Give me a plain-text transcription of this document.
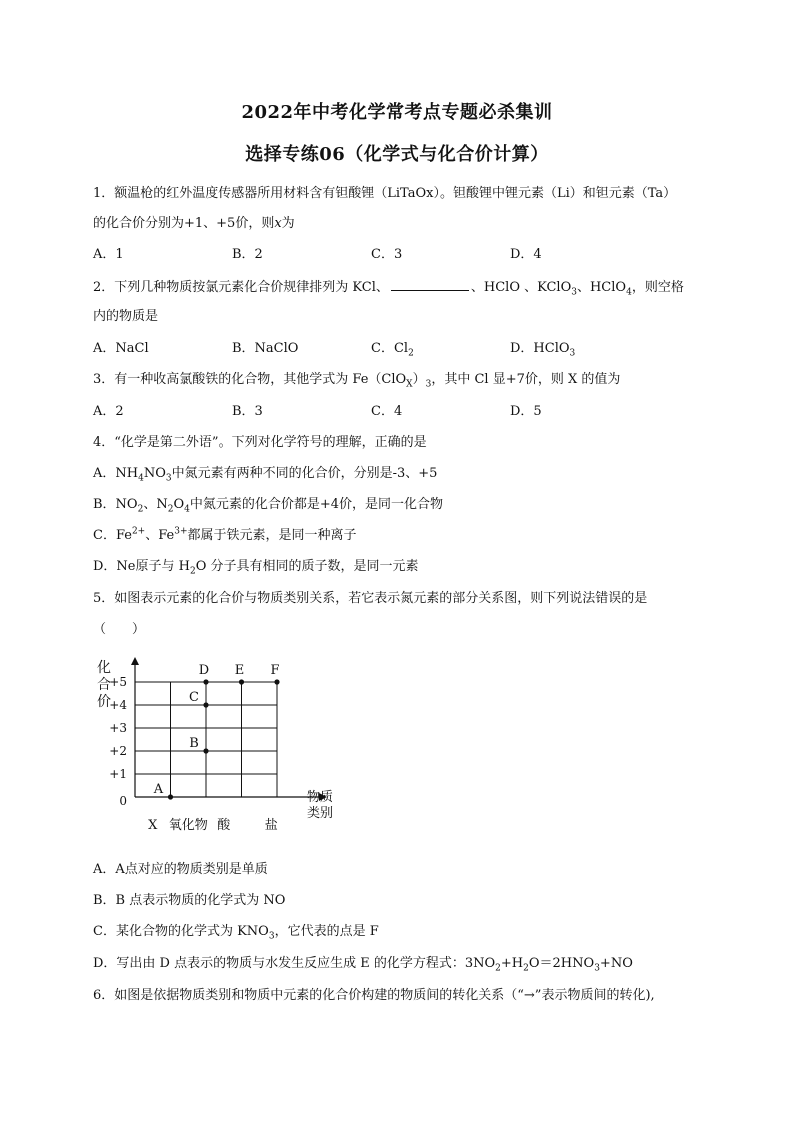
2022年中考化学常考点专题必杀集训
选择专练06（化学式与化合价计算）
1．额温枪的红外温度传感器所用材料含有钽酸锂（LiTaOx）。钽酸锂中锂元素（Li）和钽元素（Ta）
的化合价分别为+1、+5价，则x为
A．1	B．2	C．3	D．4
2．下列几种物质按氯元素化合价规律排列为 KCl、	、HClO 、KClO$_3$、HClO$_4$，则空格
内的物质是
A．NaCl	B．NaClO	C．$Cl_2$	D．HClO$_3$
3．有一种收高氯酸铁的化合物，其他学式为 $Fe(ClO_X)_3$，其中 Cl 显+7价，则 X 的值为
A．2	B．3	C．4	D．5
4．“化学是第二外语”。下列对化学符号的理解，正确的是
A．$NH_4NO_3$中氮元素有两种不同的化合价，分别是-3、+5
B．$NO_2$、$N_2O_4$中氮元素的化合价都是+4价，是同一化合物
C．$Fe^{2+}$、$Fe^{3+}$都属于铁元素，是同一种离子
D．Ne原子与 $H_2O$ 分子具有相同的质子数，是同一元素
5．如图表示元素的化合价与物质类别关系，若它表示氮元素的部分关系图，则下列说法错误的是
（　　）
化
合
价
物质
类别
0
+1
+2
+3
+4
+5
X 氧化物 酸	盐
A
B
C
D E F
A．A点对应的物质类别是单质
B．B 点表示物质的化学式为 NO
C．某化合物的化学式为 $KNO_3$，它代表的点是 F
D．写出由 D 点表示的物质与水发生反应生成 E 的化学方程式：$3NO_2+H_2O=2HNO_3+NO$
6．如图是依据物质类别和物质中元素的化合价构建的物质间的转化关系（“→”表示物质间的转化),
